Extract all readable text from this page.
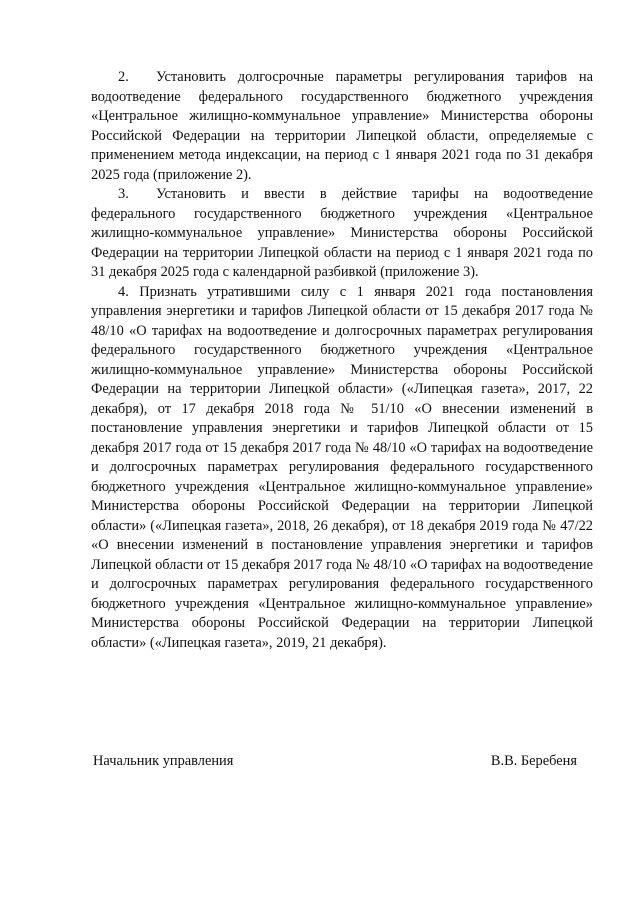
2. Установить долгосрочные параметры регулирования тарифов на водоотведение федерального государственного бюджетного учреждения «Центральное жилищно-коммунальное управление» Министерства обороны Российской Федерации на территории Липецкой области, определяемые с применением метода индексации, на период с 1 января 2021 года по 31 декабря 2025 года (приложение 2).

3. Установить и ввести в действие тарифы на водоотведение федерального государственного бюджетного учреждения «Центральное жилищно-коммунальное управление» Министерства обороны Российской Федерации на территории Липецкой области на период с 1 января 2021 года по 31 декабря 2025 года с календарной разбивкой (приложение 3).

4. Признать утратившими силу с 1 января 2021 года постановления управления энергетики и тарифов Липецкой области от 15 декабря 2017 года № 48/10 «О тарифах на водоотведение и долгосрочных параметрах регулирования федерального государственного бюджетного учреждения «Центральное жилищно-коммунальное управление» Министерства обороны Российской Федерации на территории Липецкой области» («Липецкая газета», 2017, 22 декабря), от 17 декабря 2018 года № 51/10 «О внесении изменений в постановление управления энергетики и тарифов Липецкой области от 15 декабря 2017 года от 15 декабря 2017 года № 48/10 «О тарифах на водоотведение и долгосрочных параметрах регулирования федерального государственного бюджетного учреждения «Центральное жилищно-коммунальное управление» Министерства обороны Российской Федерации на территории Липецкой области» («Липецкая газета», 2018, 26 декабря), от 18 декабря 2019 года № 47/22 «О внесении изменений в постановление управления энергетики и тарифов Липецкой области от 15 декабря 2017 года № 48/10 «О тарифах на водоотведение и долгосрочных параметрах регулирования федерального государственного бюджетного учреждения «Центральное жилищно-коммунальное управление» Министерства обороны Российской Федерации на территории Липецкой области» («Липецкая газета», 2019, 21 декабря).

Начальник управления	В.В. Беребеня
